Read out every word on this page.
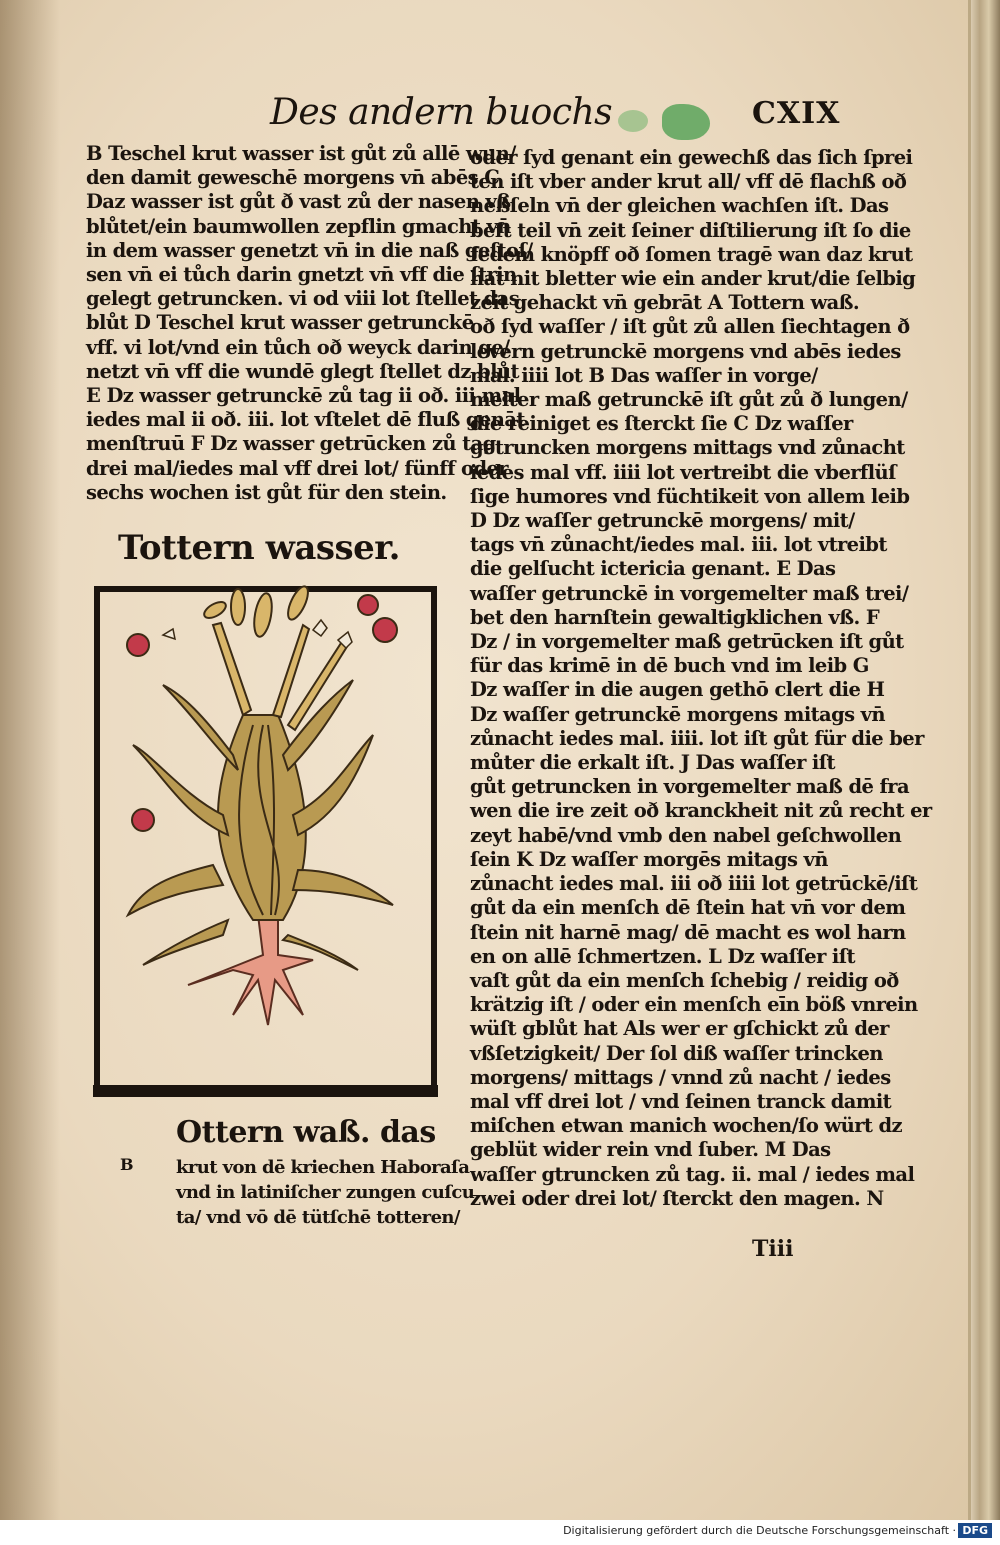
Des andern buochs	CXIX
B Teschel krut wasser ist gůt zů allē wun/
den damit geweschē morgens vn̄ abēs C
Daz wasser ist gůt ð vast zů der nasen vß
blůtet/ein baumwollen zepflin gmacht vn̄
in dem wasser genetzt vn̄ in die naß geſtoſ/
sen vn̄ ei tůch darin gnetzt vn̄ vff die ſtrin
gelegt getruncken. vi od viii lot ſtellet das
blůt D Teschel krut wasser getrunckē
vff. vi lot/vnd ein tůch oð weyck darin ge/
netzt vn̄ vff die wundē glegt ſtellet dz blůt
E Dz wasser getrunckē zů tag ii oð. iii mal
iedes mal ii oð. iii. lot vſtelet dē fluß genāt
menſtruū F Dz wasser getrūcken zů tag
drei mal/iedes mal vff drei lot/ fünff oder
sechs wochen ist gůt für den stein.
Tottern wasser.
B
Ottern waß. das
krut von dē kriechen Haboraſa
vnd in latiniſcher zungen cuſcu
ta/ vnd vō dē tütſchē totteren/
oder ſyd genant ein gewechß das ſich ſprei
ten iſt vber ander krut all/ vff dē flachß oð
neßſeln vn̄ der gleichen wachſen iſt. Das
beſt teil vn̄ zeit ſeiner diſtilierung iſt ſo die
fedem knöpff oð ſomen tragē wan daz krut
hat nit bletter wie ein ander krut/die ſelbig
zeit gehackt vn̄ gebrāt A Tottern waß.
oð ſyd waſſer / iſt gůt zů allen ſiechtagen ð
levern getrunckē morgens vnd abēs iedes
mal. iiii lot B Das waſſer in vorge/
melter maß getrunckē iſt gůt zů ð lungen/
die reiniget es ſterckt ſie C Dz waſſer
getruncken morgens mittags vnd zůnacht
iedes mal vff. iiii lot vertreibt die vberflüſ
ſige humores vnd füchtikeit von allem leib
D Dz waſſer getrunckē morgens/ mit/
tags vn̄ zůnacht/iedes mal. iii. lot vtreibt
die gelſucht ictericia genant. E Das
waſſer getrunckē in vorgemelter maß trei/
bet den harnſtein gewaltigklichen vß. F
Dz / in vorgemelter maß getrūcken iſt gůt
für das krimē in dē buch vnd im leib G
Dz waſſer in die augen gethō clert die H
Dz waſſer getrunckē morgens mitags vn̄
zůnacht iedes mal. iiii. lot iſt gůt für die ber
můter die erkalt iſt. J Das waſſer iſt
gůt getruncken in vorgemelter maß dē fra
wen die ire zeit oð kranckheit nit zů recht er
zeyt habē/vnd vmb den nabel geſchwollen
ſein K Dz waſſer morgēs mitags vn̄
zůnacht iedes mal. iii oð iiii lot getrūckē/iſt
gůt da ein menſch dē ſtein hat vn̄ vor dem
ſtein nit harnē mag/ dē macht es wol harn
en on allē ſchmertzen. L Dz waſſer iſt
vaſt gůt da ein menſch ſchebig / reidig oð
krätzig iſt / oder ein menſch eīn böß vnrein
wüſt gblůt hat Als wer er gſchickt zů der
vßſetzigkeit/ Der ſol diß waſſer trincken
morgens/ mittags / vnnd zů nacht / iedes
mal vff drei lot / vnd ſeinen tranck damit
miſchen etwan manich wochen/ſo würt dz
geblüt wider rein vnd ſuber. M Das
waſſer gtruncken zů tag. ii. mal / iedes mal
zwei oder drei lot/ ſterckt den magen. N
Tiii
Digitalisierung gefördert durch die Deutsche Forschungsgemeinschaft · DFG
